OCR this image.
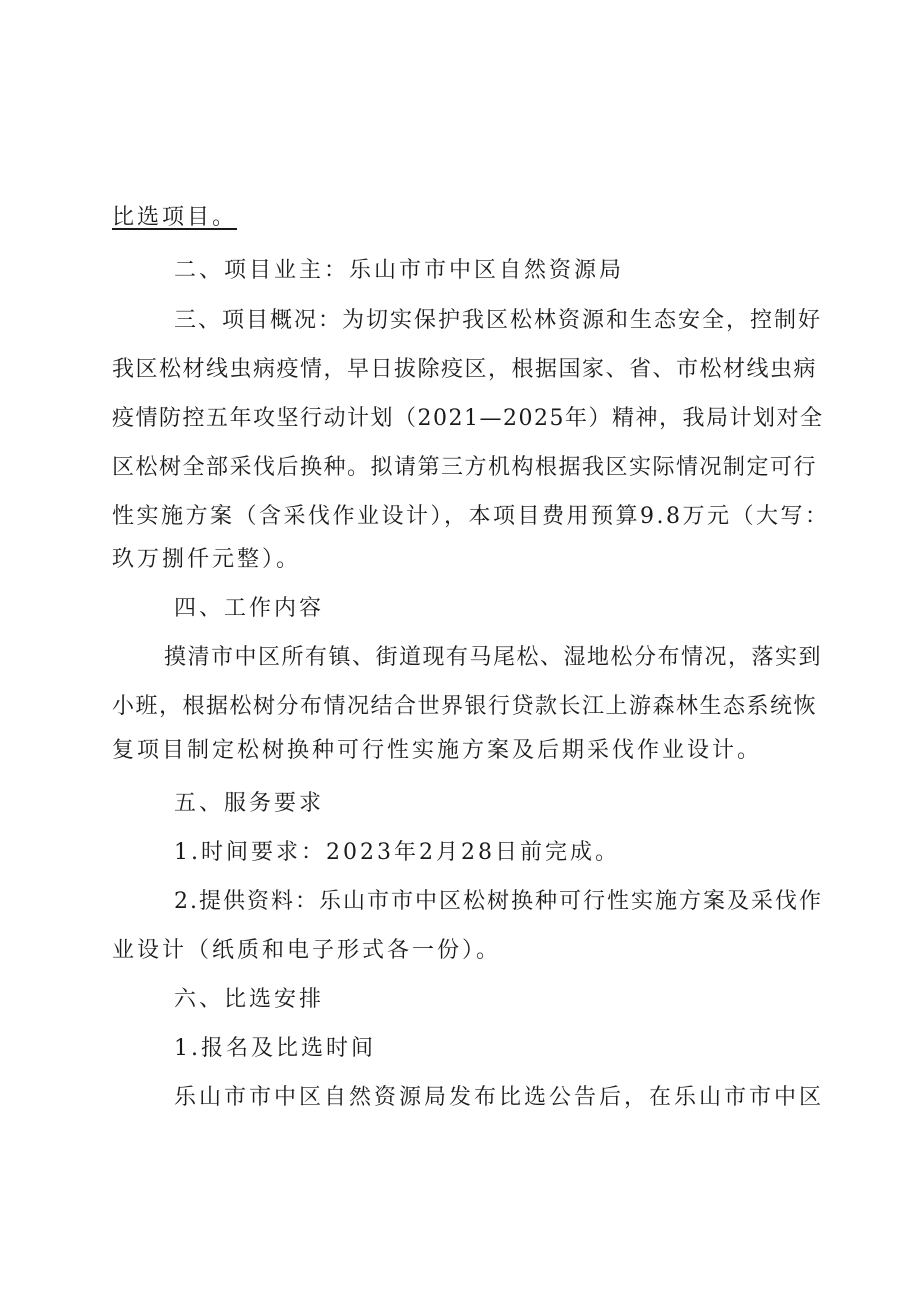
比选项目。
二、项目业主：乐山市市中区自然资源局
三、项目概况：为切实保护我区松林资源和生态安全，控制好
我区松材线虫病疫情，早日拔除疫区，根据国家、省、市松材线虫病
疫情防控五年攻坚行动计划（2021—2025年）精神，我局计划对全
区松树全部采伐后换种。拟请第三方机构根据我区实际情况制定可行
性实施方案（含采伐作业设计），本项目费用预算9.8万元（大写：
玖万捌仟元整）。
四、工作内容
摸清市中区所有镇、街道现有马尾松、湿地松分布情况，落实到
小班，根据松树分布情况结合世界银行贷款长江上游森林生态系统恢
复项目制定松树换种可行性实施方案及后期采伐作业设计。
五、服务要求
1.时间要求：2023年2月28日前完成。
2.提供资料：乐山市市中区松树换种可行性实施方案及采伐作
业设计（纸质和电子形式各一份）。
六、比选安排
1.报名及比选时间
乐山市市中区自然资源局发布比选公告后，在乐山市市中区
